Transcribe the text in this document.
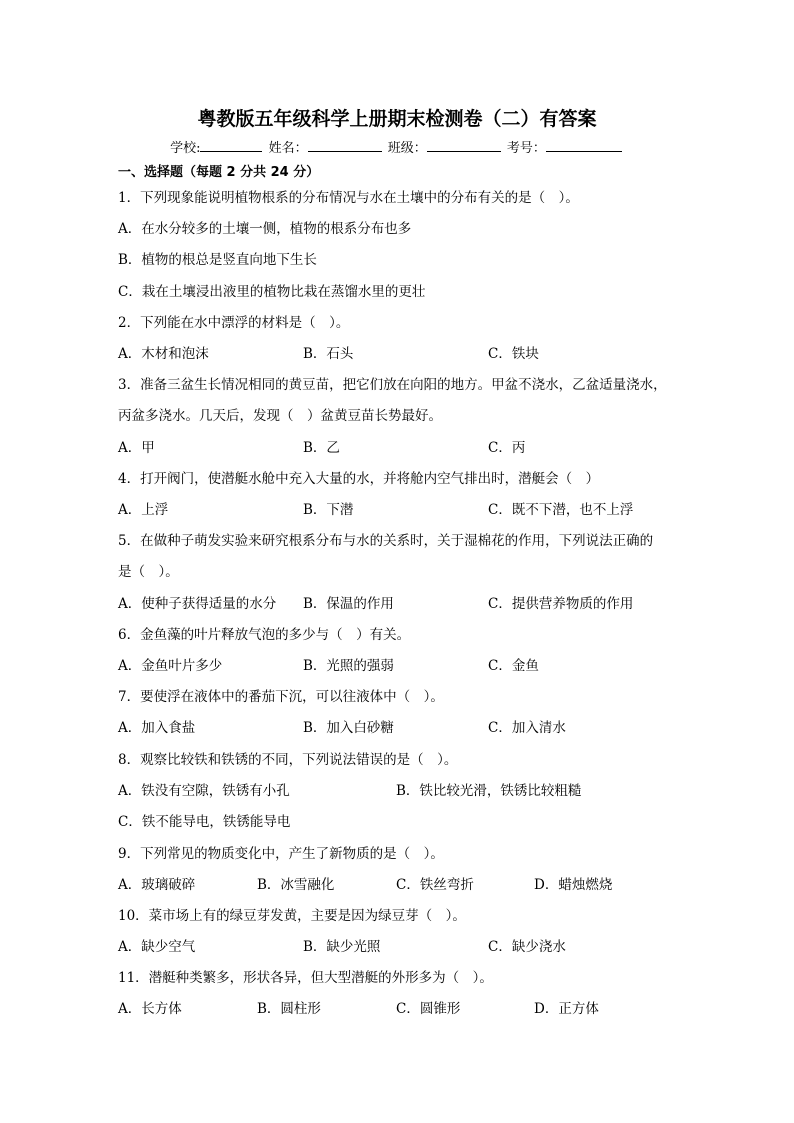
粤教版五年级科学上册期末检测卷（二）有答案
学校:	姓名：	班级：	考号：
一、选择题（每题 2 分共 24 分）
1．下列现象能说明植物根系的分布情况与水在土壤中的分布有关的是（　）。
A．在水分较多的土壤一侧，植物的根系分布也多
B．植物的根总是竖直向地下生长
C．栽在土壤浸出液里的植物比栽在蒸馏水里的更壮
2．下列能在水中漂浮的材料是（　）。
A．木材和泡沫	B．石头	C．铁块
3．准备三盆生长情况相同的黄豆苗，把它们放在向阳的地方。甲盆不浇水，乙盆适量浇水，
丙盆多浇水。几天后，发现（　）盆黄豆苗长势最好。
A．甲	B．乙	C．丙
4．打开阀门，使潜艇水舱中充入大量的水，并将舱内空气排出时，潜艇会（　）
A．上浮	B．下潜	C．既不下潜，也不上浮
5．在做种子萌发实验来研究根系分布与水的关系时，关于湿棉花的作用，下列说法正确的
是（　）。
A．使种子获得适量的水分 B．保温的作用	C．提供营养物质的作用
6．金鱼藻的叶片释放气泡的多少与（　）有关。
A．金鱼叶片多少	B．光照的强弱	C．金鱼
7．要使浮在液体中的番茄下沉，可以往液体中（　）。
A．加入食盐	B．加入白砂糖	C．加入清水
8．观察比较铁和铁锈的不同，下列说法错误的是（　）。
A．铁没有空隙，铁锈有小孔	B．铁比较光滑，铁锈比较粗糙
C．铁不能导电，铁锈能导电
9．下列常见的物质变化中，产生了新物质的是（　）。
A．玻璃破碎	B．冰雪融化	C．铁丝弯折	D．蜡烛燃烧
10．菜市场上有的绿豆芽发黄，主要是因为绿豆芽（　）。
A．缺少空气	B．缺少光照	C．缺少浇水
11．潜艇种类繁多，形状各异，但大型潜艇的外形多为（　）。
A．长方体	B．圆柱形	C．圆锥形	D．正方体
